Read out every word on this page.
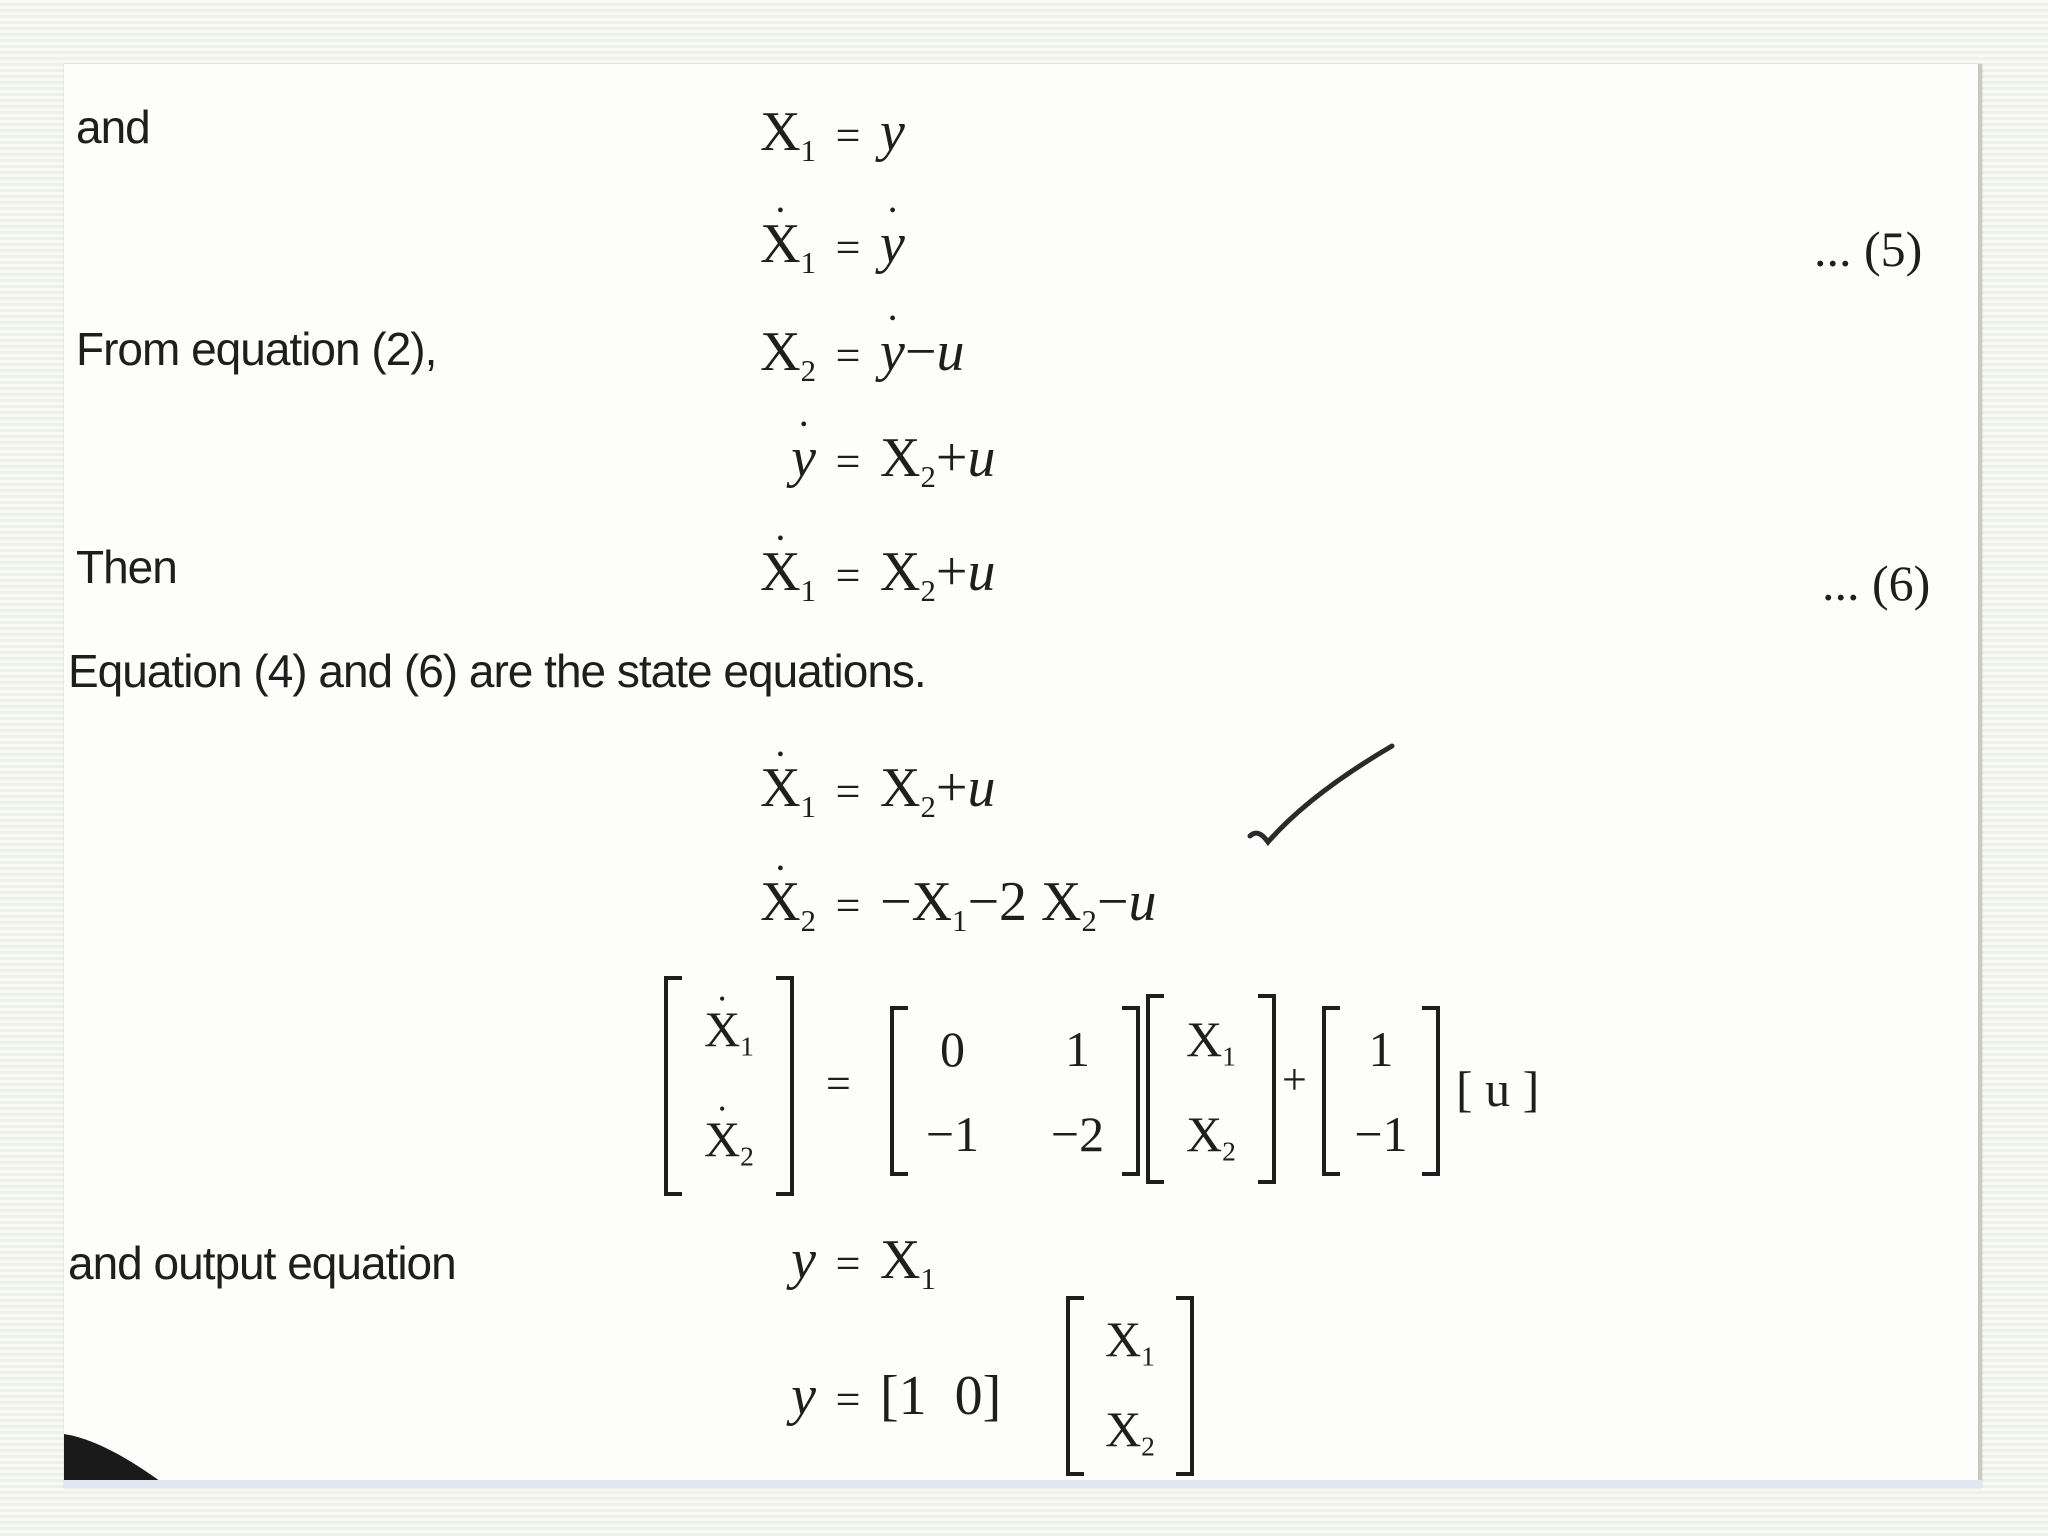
and	$X_1 = y$
• $X_1$ = • y	... (5)
From equation (2),	$X_2$ = • y−u
• $y = X_2+u$
Then	• $X_1 = X_2+u$	... (6)
Equation (4) and (6) are the state equations.
• $X_1 = X_2+u$
• $X_2 = -X_1-2$ $X_2-u$
• $X_1$
• $X_2$
=
0 1
−1 −2
$X_1$
$X_2$
+
1
−1
[ u ]
and output equation	$y = X_1$
y = [1 0]
$X_1$
$X_2$
